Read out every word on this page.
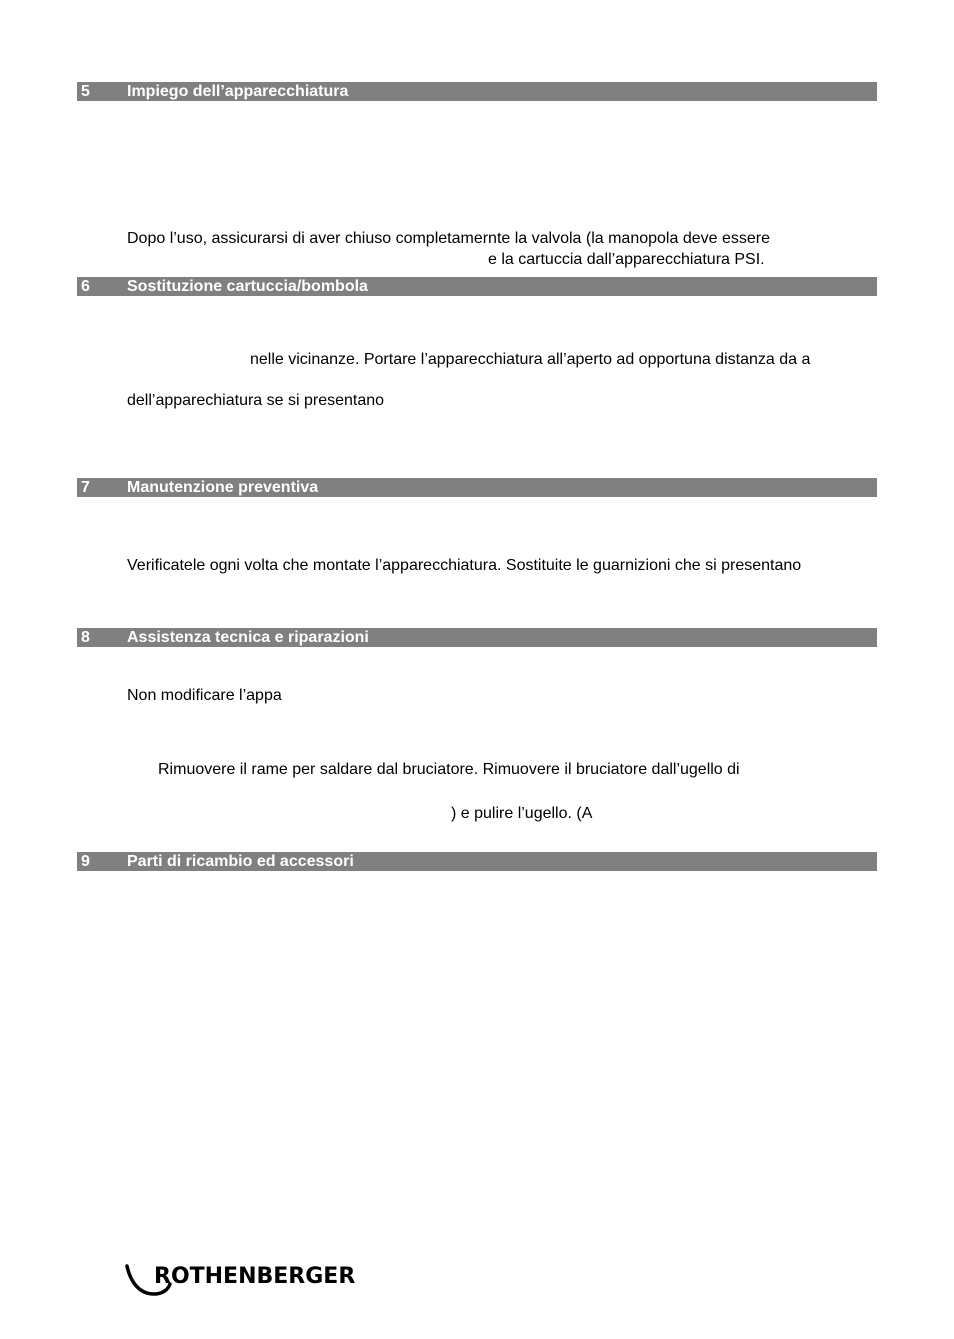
5 Impiego dell’apparecchiatura
Dopo l’uso, assicurarsi di aver chiuso completamernte la valvola (la manopola deve essere
e la cartuccia dall’apparecchiatura PSI.
6 Sostituzione cartuccia/bombola
nelle vicinanze. Portare l’apparecchiatura all’aperto ad opportuna distanza da a
dell’apparechiatura se si presentano
7 Manutenzione preventiva
Verificatele ogni volta che montate l’apparecchiatura. Sostituite le guarnizioni che si presentano
8 Assistenza tecnica e riparazioni
Non modificare l’appa
Rimuovere il rame per saldare dal bruciatore. Rimuovere il bruciatore dall’ugello di
) e pulire l’ugello. (A
9 Parti di ricambio ed accessori
ROTHENBERGER
